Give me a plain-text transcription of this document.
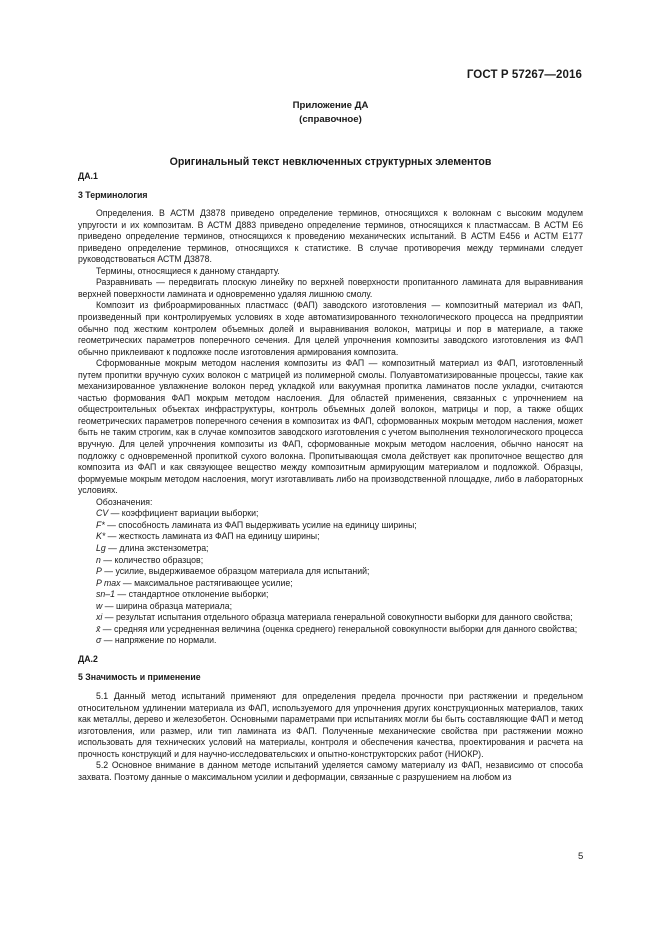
ГОСТ Р 57267—2016
Приложение ДА
(справочное)
Оригинальный текст невключенных структурных элементов

ДА.1

3 Терминология

Определения. В АСТМ Д3878 приведено определение терминов, относящихся к волокнам с высоким модулем упругости и их композитам. В АСТМ Д883 приведено определение терминов, относящихся к пластмассам. В АСТМ Е6 приведено определение терминов, относящихся к проведению механических испытаний. В АСТМ Е456 и АСТМ Е177 приведено определение терминов, относящихся к статистике. В случае противоречия между терминами следует руководствоваться АСТМ Д3878.

Термины, относящиеся к данному стандарту.

Разравнивать — передвигать плоскую линейку по верхней поверхности пропитанного ламината для выравнивания верхней поверхности ламината и одновременно удаляя лишнюю смолу.

Композит из фиброармированных пластмасс (ФАП) заводского изготовления — композитный материал из ФАП, произведенный при контролируемых условиях в ходе автоматизированного технологического процесса на предприятии обычно под жестким контролем объемных долей и выравнивания волокон, матрицы и пор в материале, а также геометрических параметров поперечного сечения. Для целей упрочнения композиты заводского изготовления из ФАП обычно приклеивают к подложке после изготовления армирования композита.

Сформованные мокрым методом насления композиты из ФАП — композитный материал из ФАП, изготовленный путем пропитки вручную сухих волокон с матрицей из полимерной смолы. Полуавтоматизированные процессы, такие как механизированное увлажнение волокон перед укладкой или вакуумная пропитка ламинатов после укладки, считаются частью формования ФАП мокрым методом наслоения. Для областей применения, связанных с упрочнением на общестроительных объектах инфраструктуры, контроль объемных долей волокон, матрицы и пор, а также общих геометрических параметров поперечного сечения в композитах из ФАП, сформованных мокрым методом насления, может быть не таким строгим, как в случае композитов заводского изготовления с учетом выполнения технологического процесса вручную. Для целей упрочнения композиты из ФАП, сформованные мокрым методом наслоения, обычно наносят на подложку с одновременной пропиткой сухого волокна. Пропитывающая смола действует как пропиточное вещество для композита из ФАП и как связующее вещество между композитным армирующим материалом и подложкой. Образцы, формуемые мокрым методом наслоения, могут изготавливать либо на производственной площадке, либо в лабораторных условиях.

Обозначения:

CV — коэффициент вариации выборки;

F* — способность ламината из ФАП выдерживать усилие на единицу ширины;

K* — жесткость ламината из ФАП на единицу ширины;

Lg — длина экстензометра;

n — количество образцов;

P — усилие, выдерживаемое образцом материала для испытаний;

P max — максимальное растягивающее усилие;

sn–1 — стандартное отклонение выборки;

w — ширина образца материала;

xi — результат испытания отдельного образца материала генеральной совокупности выборки для данного свойства;

x̄ — средняя или усредненная величина (оценка среднего) генеральной совокупности выборки для данного свойства;

σ — напряжение по нормали.

ДА.2

5 Значимость и применение

5.1 Данный метод испытаний применяют для определения предела прочности при растяжении и предельном относительном удлинении материала из ФАП, используемого для упрочнения других конструкционных материалов, таких как металлы, дерево и железобетон. Основными параметрами при испытаниях могли бы быть составляющие ФАП и метод изготовления, или размер, или тип ламината из ФАП. Полученные механические свойства при растяжении можно использовать для технических условий на материалы, контроля и обеспечения качества, проектирования и расчета на прочность конструкций и для научно-исследовательских и опытно-конструкторских работ (НИОКР).

5.2 Основное внимание в данном методе испытаний уделяется самому материалу из ФАП, независимо от способа захвата. Поэтому данные о максимальном усилии и деформации, связанные с разрушением на любом из

5
